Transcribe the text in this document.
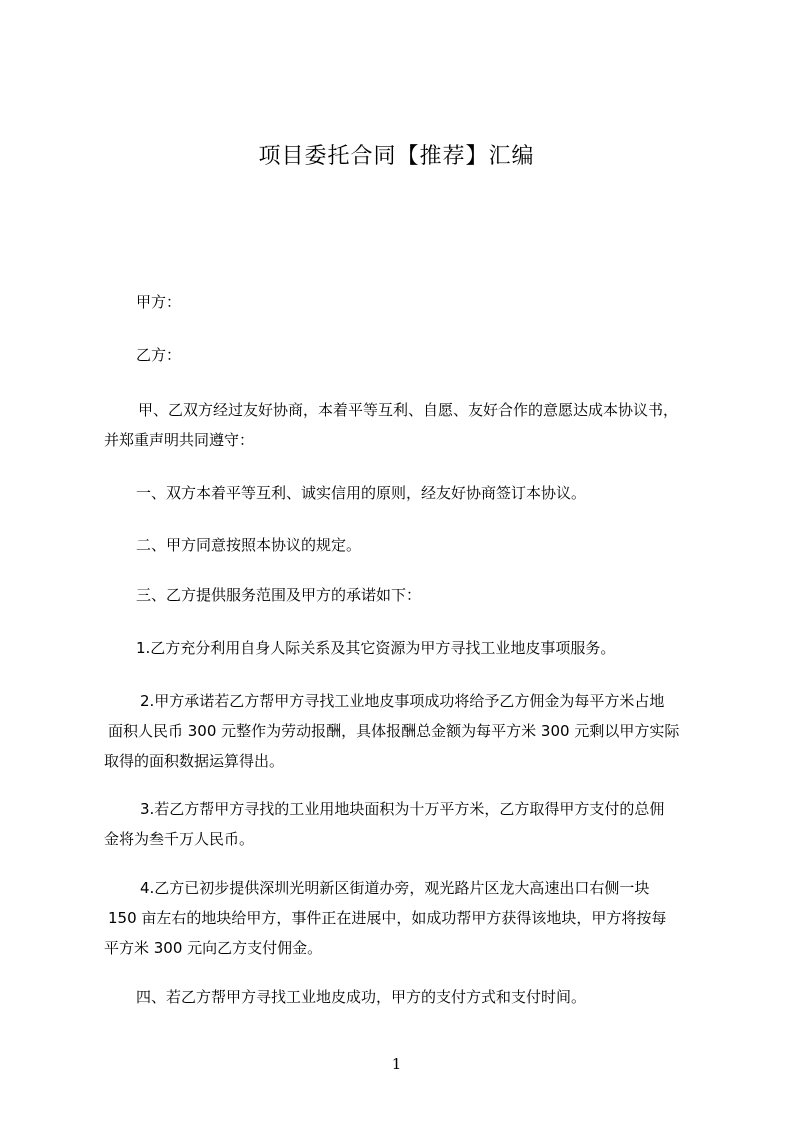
项目委托合同【推荐】汇编
甲方：
乙方：
甲、乙双方经过友好协商，本着平等互利、自愿、友好合作的意愿达成本协议书，
并郑重声明共同遵守：
一、双方本着平等互利、诚实信用的原则，经友好协商签订本协议。
二、甲方同意按照本协议的规定。
三、乙方提供服务范围及甲方的承诺如下：
1.乙方充分利用自身人际关系及其它资源为甲方寻找工业地皮事项服务。
2.甲方承诺若乙方帮甲方寻找工业地皮事项成功将给予乙方佣金为每平方米占地
面积人民币 300 元整作为劳动报酬，具体报酬总金额为每平方米 300 元剩以甲方实际
取得的面积数据运算得出。
3.若乙方帮甲方寻找的工业用地块面积为十万平方米，乙方取得甲方支付的总佣
金将为叁千万人民币。
4.乙方已初步提供深圳光明新区街道办旁，观光路片区龙大高速出口右侧一块
150 亩左右的地块给甲方，事件正在进展中，如成功帮甲方获得该地块，甲方将按每
平方米 300 元向乙方支付佣金。
四、若乙方帮甲方寻找工业地皮成功，甲方的支付方式和支付时间。
1
